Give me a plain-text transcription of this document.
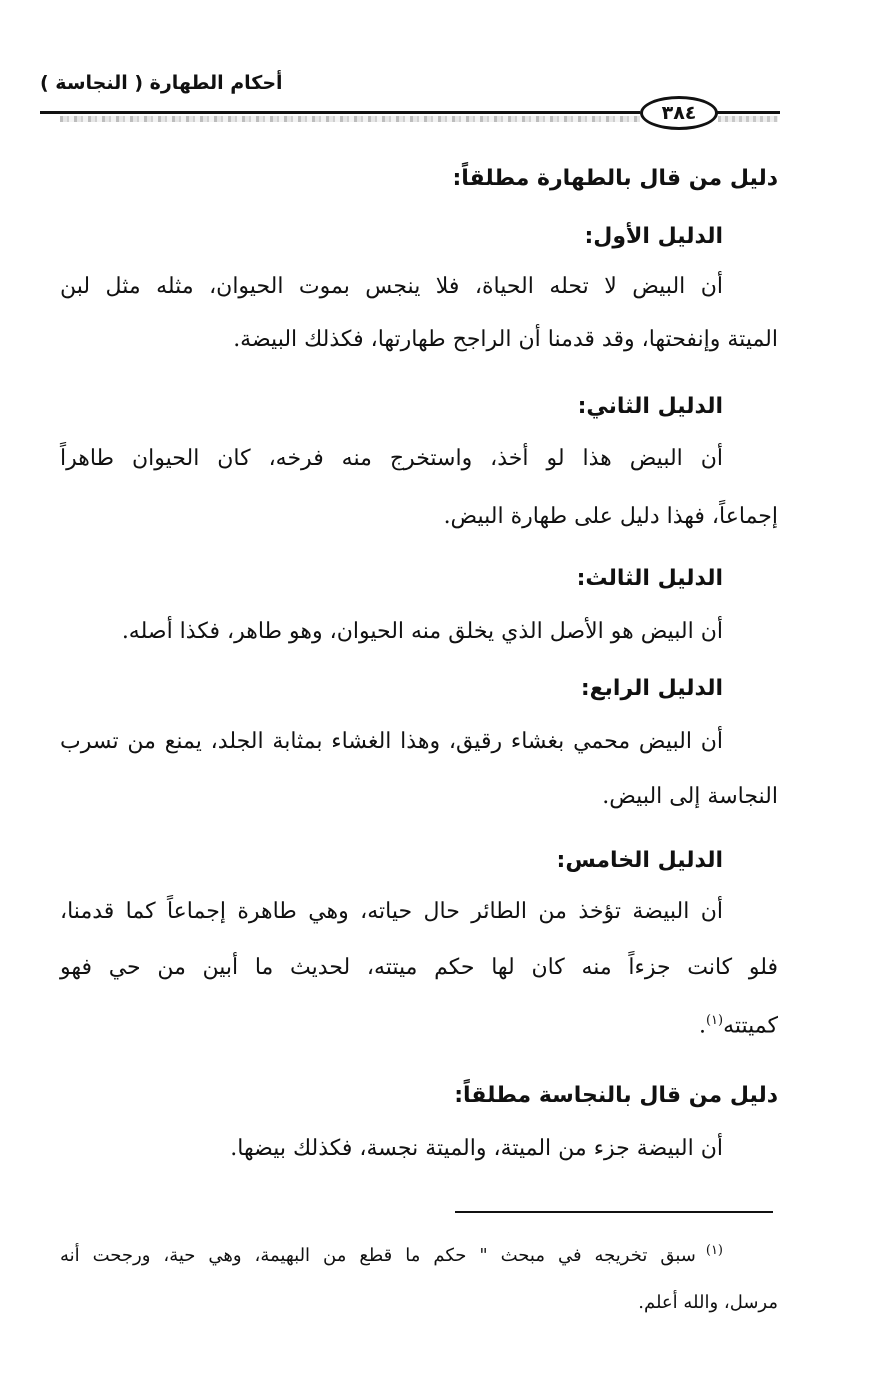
أحكام الطهارة ( النجاسة )
٣٨٤
دليل من قال بالطهارة مطلقاً:
الدليل الأول:
أن البيض لا تحله الحياة، فلا ينجس بموت الحيوان، مثله مثل لبن
الميتة وإنفحتها، وقد قدمنا أن الراجح طهارتها، فكذلك البيضة.
الدليل الثاني:
أن البيض هذا لو أخذ، واستخرج منه فرخه، كان الحيوان طاهراً
إجماعاً، فهذا دليل على طهارة البيض.
الدليل الثالث:
أن البيض هو الأصل الذي يخلق منه الحيوان، وهو طاهر، فكذا أصله.
الدليل الرابع:
أن البيض محمي بغشاء رقيق، وهذا الغشاء بمثابة الجلد، يمنع من تسرب
النجاسة إلى البيض.
الدليل الخامس:
أن البيضة تؤخذ من الطائر حال حياته، وهي طاهرة إجماعاً كما قدمنا،
فلو كانت جزءاً منه كان لها حكم ميتته، لحديث ما أبين من حي فهو
كميتته$^{(١)}$.
دليل من قال بالنجاسة مطلقاً:
أن البيضة جزء من الميتة، والميتة نجسة، فكذلك بيضها.
$^{(١)}$سبق تخريجه في مبحث " حكم ما قطع من البهيمة، وهي حية، ورجحت أنه
مرسل، والله أعلم.
